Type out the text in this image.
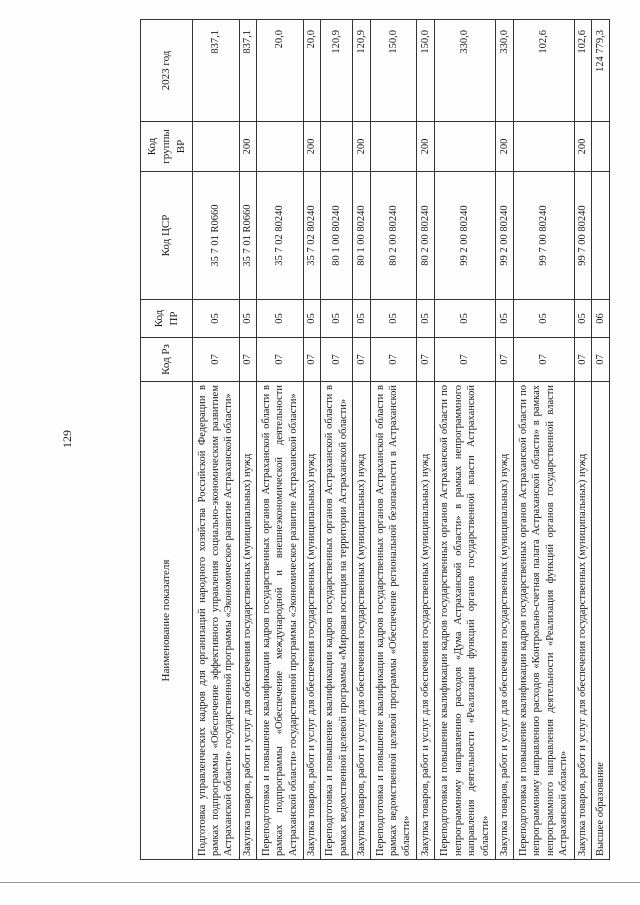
129
Наименование показателя	Код Рз	Код ПР	Код ЦСР	Код группы ВР	2023 год
Подготовка управленческих кадров для организаций народного хозяйства Российской Федерации в рамках подпрограммы «Обеспечение эффективного управления социально-экономическим развитием Астраханской области» государственной программы «Экономическое развитие Астраханской области»	07	05	35 7 01 R0660		837,1
Закупка товаров, работ и услуг для обеспечения государственных (муниципальных) нужд	07	05	35 7 01 R0660	200	837,1
Переподготовка и повышение квалификации кадров государственных органов Астраханской области в рамках подпрограммы «Обеспечение международной и внешнеэкономической деятельности Астраханской области» государственной программы «Экономическое развитие Астраханской области»	07	05	35 7 02 80240		20,0
Закупка товаров, работ и услуг для обеспечения государственных (муниципальных) нужд	07	05	35 7 02 80240	200	20,0
Переподготовка и повышение квалификации кадров государственных органов Астраханской области в рамках ведомственной целевой программы «Мировая юстиция на территории Астраханской области»	07	05	80 1 00 80240		120,9
Закупка товаров, работ и услуг для обеспечения государственных (муниципальных) нужд	07	05	80 1 00 80240	200	120,9
Переподготовка и повышение квалификации кадров государственных органов Астраханской области в рамках ведомственной целевой программы «Обеспечение региональной безопасности в Астраханской области»	07	05	80 2 00 80240		150,0
Закупка товаров, работ и услуг для обеспечения государственных (муниципальных) нужд	07	05	80 2 00 80240	200	150,0
Переподготовка и повышение квалификации кадров государственных органов Астраханской области по непрограммному направлению расходов «Дума Астраханской области» в рамках непрограммного направления деятельности «Реализация функций органов государственной власти Астраханской области»	07	05	99 2 00 80240		330,0
Закупка товаров, работ и услуг для обеспечения государственных (муниципальных) нужд	07	05	99 2 00 80240	200	330,0
Переподготовка и повышение квалификации кадров государственных органов Астраханской области по непрограммному направлению расходов «Контрольно-счетная палата Астраханской области» в рамках непрограммного направления деятельности «Реализация функций органов государственной власти Астраханской области»	07	05	99 7 00 80240		102,6
Закупка товаров, работ и услуг для обеспечения государственных (муниципальных) нужд	07	05	99 7 00 80240	200	102,6
Высшее образование	07	06			124 779,3
